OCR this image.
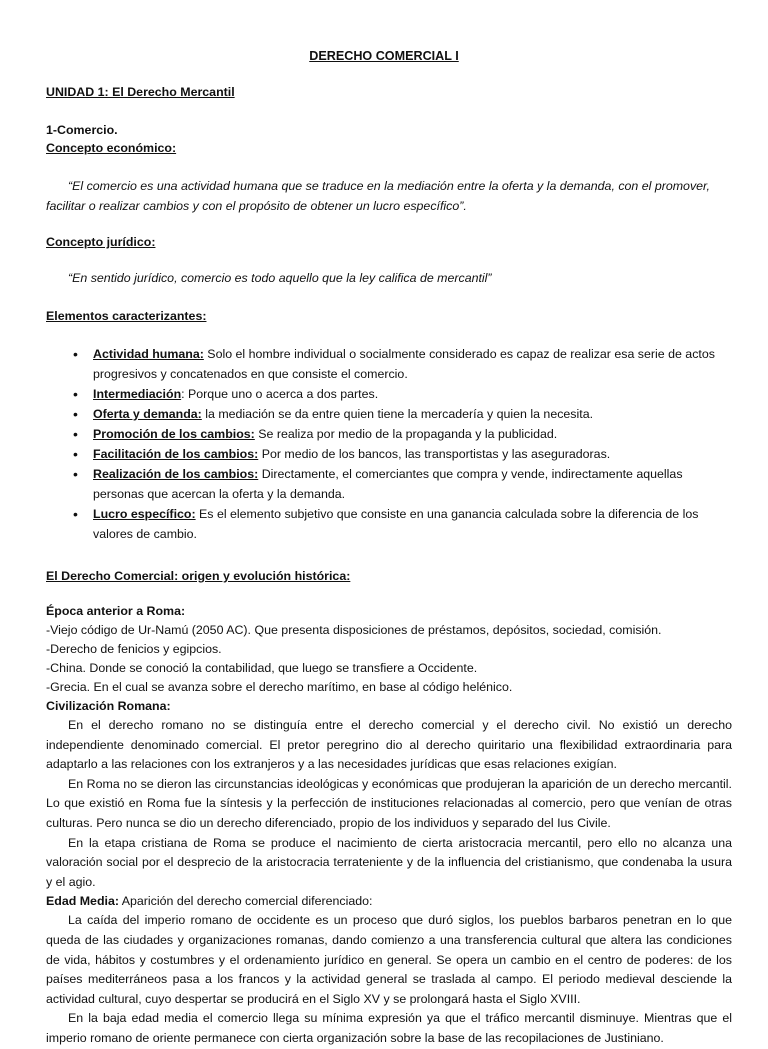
DERECHO COMERCIAL I
UNIDAD 1: El Derecho Mercantil
1-Comercio.
Concepto económico:
“El comercio es una actividad humana que se traduce en la mediación entre la oferta y la demanda, con el promover, facilitar o realizar cambios y con el propósito de obtener un lucro específico”.
Concepto jurídico:
“En sentido jurídico, comercio es todo aquello que la ley califica de mercantil”
Elementos caracterizantes:
• Actividad humana: Solo el hombre individual o socialmente considerado es capaz de realizar esa serie de actos progresivos y concatenados en que consiste el comercio.
• Intermediación: Porque uno o acerca a dos partes.
• Oferta y demanda: la mediación se da entre quien tiene la mercadería y quien la necesita.
• Promoción de los cambios: Se realiza por medio de la propaganda y la publicidad.
• Facilitación de los cambios: Por medio de los bancos, las transportistas y las aseguradoras.
• Realización de los cambios: Directamente, el comerciantes que compra y vende, indirectamente aquellas personas que acercan la oferta y la demanda.
• Lucro específico: Es el elemento subjetivo que consiste en una ganancia calculada sobre la diferencia de los valores de cambio.
El Derecho Comercial: origen y evolución histórica:
Época anterior a Roma:
-Viejo código de Ur-Namú (2050 AC). Que presenta disposiciones de préstamos, depósitos, sociedad, comisión.
-Derecho de fenicios y egipcios.
-China. Donde se conoció la contabilidad, que luego se transfiere a Occidente.
-Grecia. En el cual se avanza sobre el derecho marítimo, en base al código helénico.
Civilización Romana:

En el derecho romano no se distinguía entre el derecho comercial y el derecho civil. No existió un derecho independiente denominado comercial. El pretor peregrino dio al derecho quiritario una flexibilidad extraordinaria para adaptarlo a las relaciones con los extranjeros y a las necesidades jurídicas que esas relaciones exigían.

En Roma no se dieron las circunstancias ideológicas y económicas que produjeran la aparición de un derecho mercantil. Lo que existió en Roma fue la síntesis y la perfección de instituciones relacionadas al comercio, pero que venían de otras culturas. Pero nunca se dio un derecho diferenciado, propio de los individuos y separado del Ius Civile.

En la etapa cristiana de Roma se produce el nacimiento de cierta aristocracia mercantil, pero ello no alcanza una valoración social por el desprecio de la aristocracia terrateniente y de la influencia del cristianismo, que condenaba la usura y el agio.

Edad Media: Aparición del derecho comercial diferenciado:

La caída del imperio romano de occidente es un proceso que duró siglos, los pueblos barbaros penetran en lo que queda de las ciudades y organizaciones romanas, dando comienzo a una transferencia cultural que altera las condiciones de vida, hábitos y costumbres y el ordenamiento jurídico en general. Se opera un cambio en el centro de poderes: de los países mediterráneos pasa a los francos y la actividad general se traslada al campo. El periodo medieval desciende la actividad cultural, cuyo despertar se producirá en el Siglo XV y se prolongará hasta el Siglo XVIII.

En la baja edad media el comercio llega su mínima expresión ya que el tráfico mercantil disminuye. Mientras que el imperio romano de oriente permanece con cierta organización sobre la base de las recopilaciones de Justiniano.
